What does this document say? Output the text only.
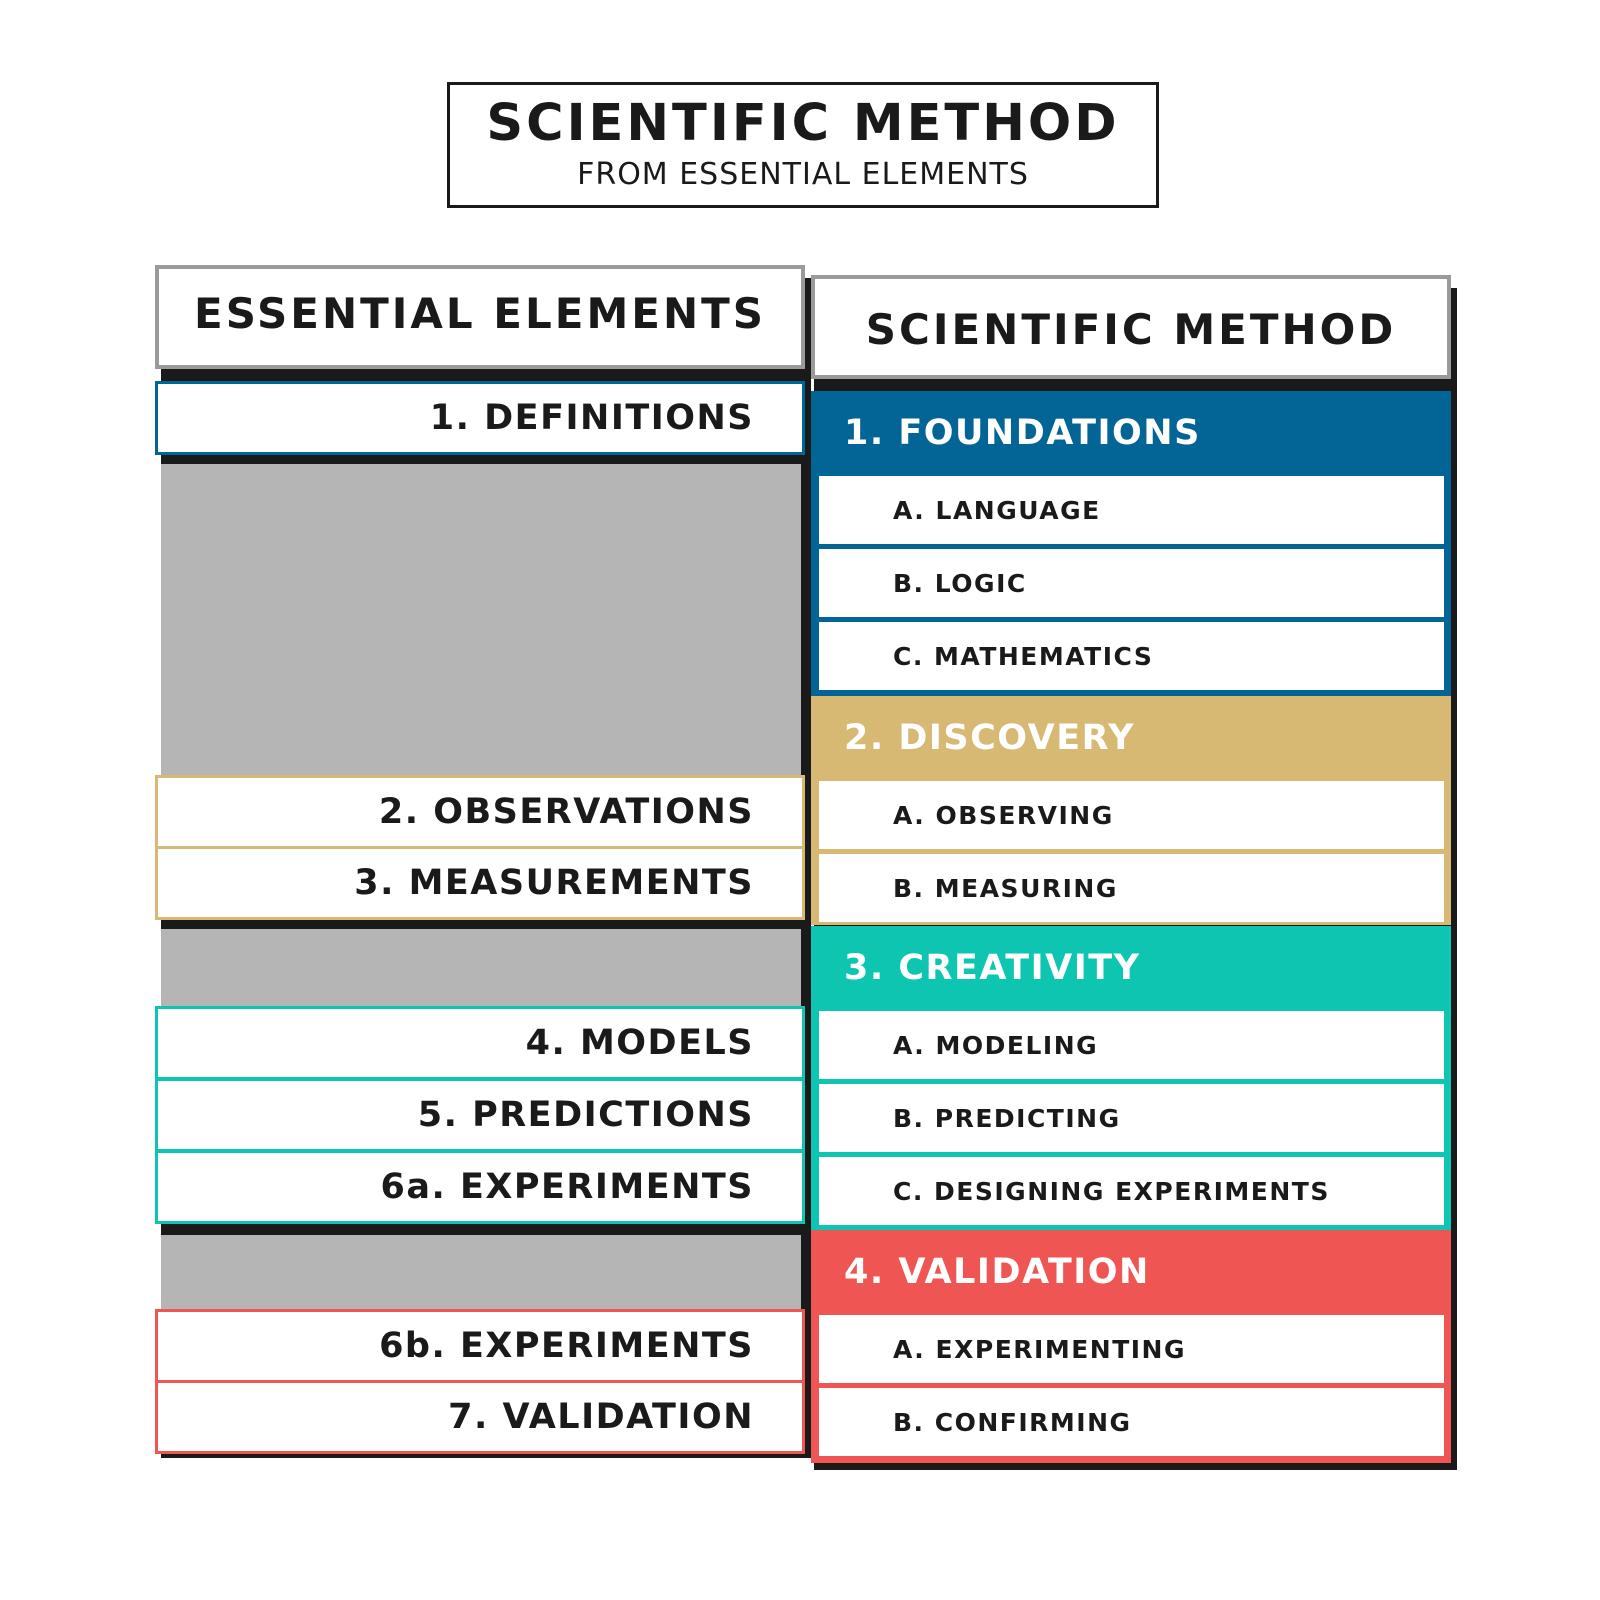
SCIENTIFIC METHOD
FROM ESSENTIAL ELEMENTS
ESSENTIAL ELEMENTS
1. DEFINITIONS
2. OBSERVATIONS
3. MEASUREMENTS
4. MODELS
5. PREDICTIONS
6a. EXPERIMENTS
6b. EXPERIMENTS
7. VALIDATION
SCIENTIFIC METHOD
1. FOUNDATIONS
A. LANGUAGE
B. LOGIC
C. MATHEMATICS
2. DISCOVERY
A. OBSERVING
B. MEASURING
3. CREATIVITY
A. MODELING
B. PREDICTING
C. DESIGNING EXPERIMENTS
4. VALIDATION
A. EXPERIMENTING
B. CONFIRMING
